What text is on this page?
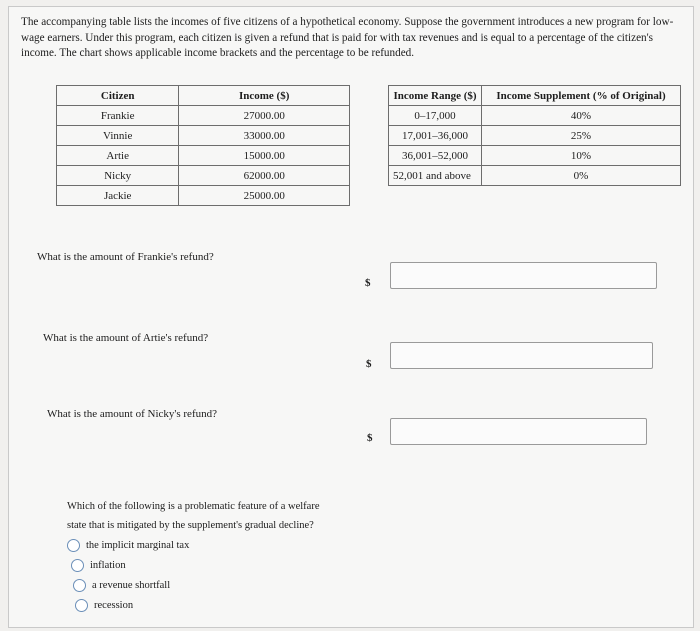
The accompanying table lists the incomes of five citizens of a hypothetical economy. Suppose the government introduces a new program for low-wage earners. Under this program, each citizen is given a refund that is paid for with tax revenues and is equal to a percentage of the citizen's income. The chart shows applicable income brackets and the percentage to be refunded.
Citizen	Income ($)
Frankie	27000.00
Vinnie	33000.00
Artie	15000.00
Nicky	62000.00
Jackie	25000.00
Income Range ($)	Income Supplement (% of Original)
0–17,000	40%
17,001–36,000	25%
36,001–52,000	10%
52,001 and above	0%
What is the amount of Frankie's refund?
$
What is the amount of Artie's refund?
$
What is the amount of Nicky's refund?
$
Which of the following is a problematic feature of a welfare state that is mitigated by the supplement's gradual decline?
the implicit marginal tax
inflation
a revenue shortfall
recession
